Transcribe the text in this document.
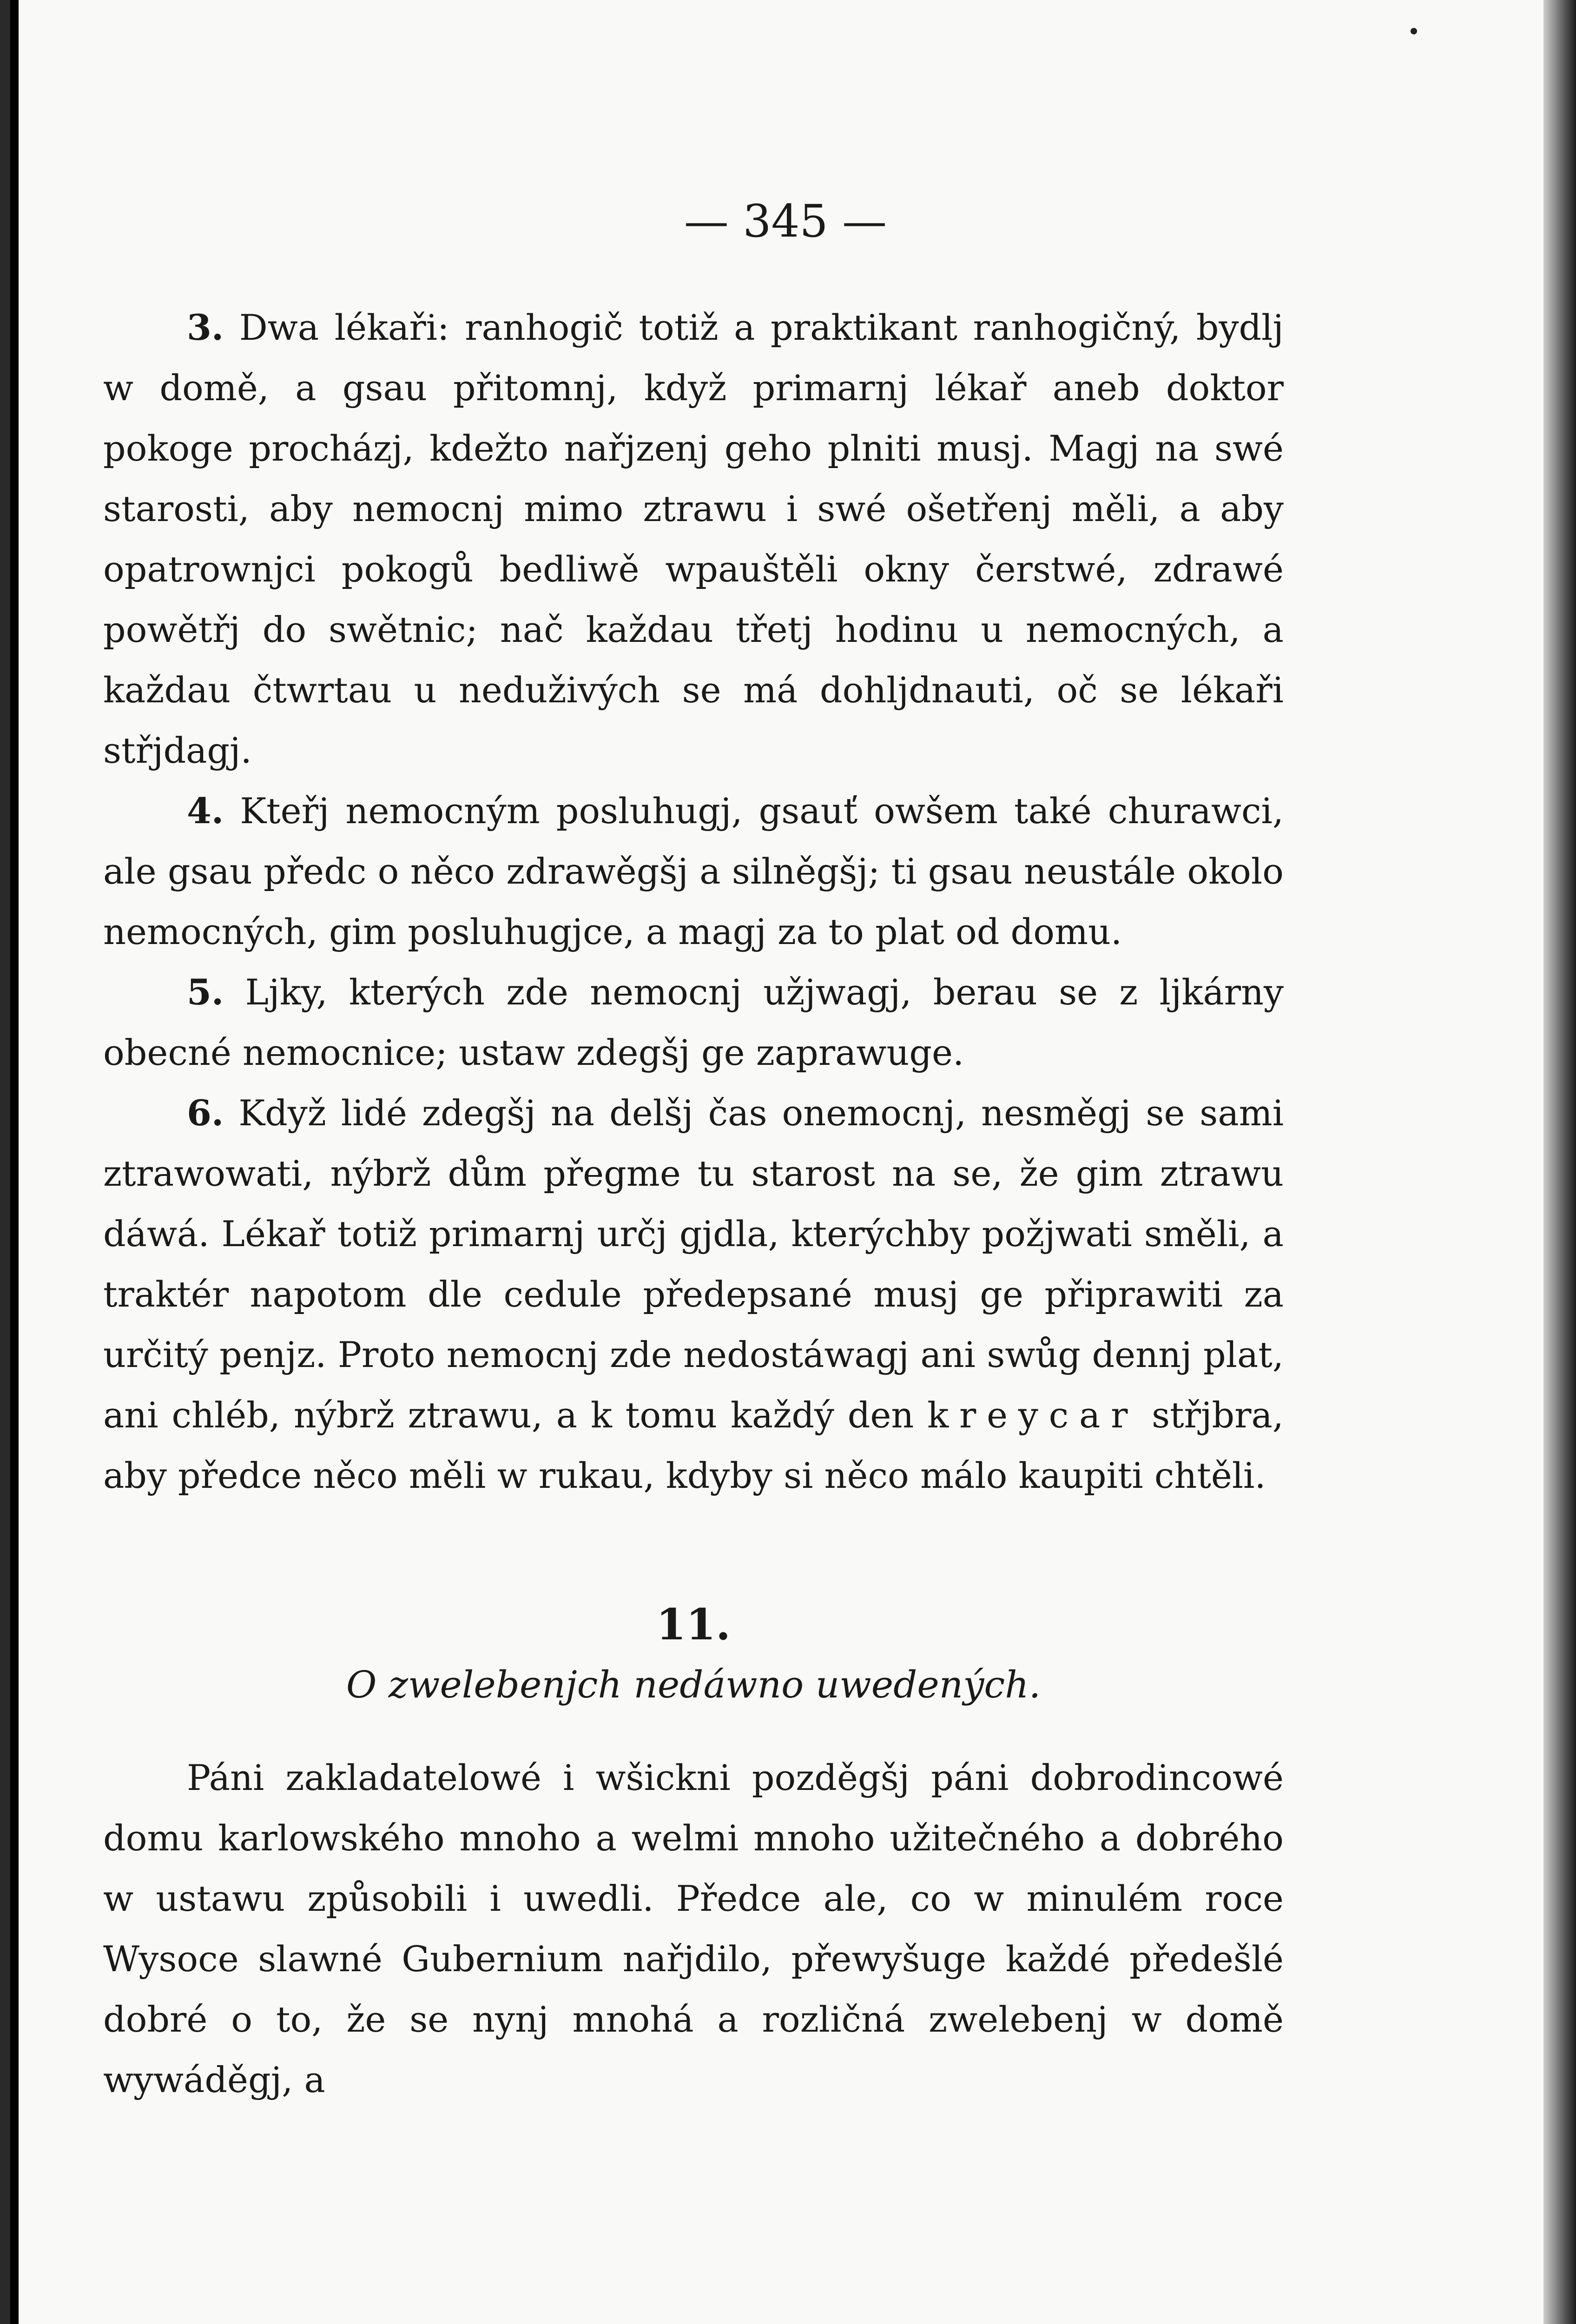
— 345 —

3. Dwa lékaři: ranhogič totiž a praktikant ranhogičný, bydlj w domě, a gsau přitomnj, když primarnj lékař aneb doktor pokoge procházj, kdežto nařjzenj geho plniti musj. Magj na swé starosti, aby nemocnj mimo ztrawu i swé ošetřenj měli, a aby opatrownjci pokogů bedliwě wpauštěli okny čerstwé, zdrawé powětřj do swětnic; nač každau třetj hodinu u nemocných, a každau čtwrtau u neduživých se má dohljdnauti, oč se lékaři střjdagj.

4. Kteřj nemocným posluhugj, gsauť owšem také churawci, ale gsau předc o něco zdrawěgšj a silněgšj; ti gsau neustále okolo nemocných, gim posluhugjce, a magj za to plat od domu.

5. Ljky, kterých zde nemocnj užjwagj, berau se z ljkárny obecné nemocnice; ustaw zdegšj ge zaprawuge.

6. Když lidé zdegšj na delšj čas onemocnj, nesměgj se sami ztrawowati, nýbrž dům přegme tu starost na se, že gim ztrawu dáwá. Lékař totiž primarnj určj gjdla, kterýchby požjwati směli, a traktér napotom dle cedule předepsané musj ge připrawiti za určitý penjz. Proto nemocnj zde nedostáwagj ani swůg dennj plat, ani chléb, nýbrž ztrawu, a k tomu každý den kreycar střjbra, aby předce něco měli w rukau, kdyby si něco málo kaupiti chtěli.

11.

O zwelebenjch nedáwno uwedených.

Páni zakladatelowé i wšickni pozděgšj páni dobrodincowé domu karlowského mnoho a welmi mnoho užitečného a dobrého w ustawu způsobili i uwedli. Předce ale, co w minulém roce Wysoce slawné Gubernium nařjdilo, přewyšuge každé předešlé dobré o to, že se nynj mnohá a rozličná zwelebenj w domě wywáděgj, a
